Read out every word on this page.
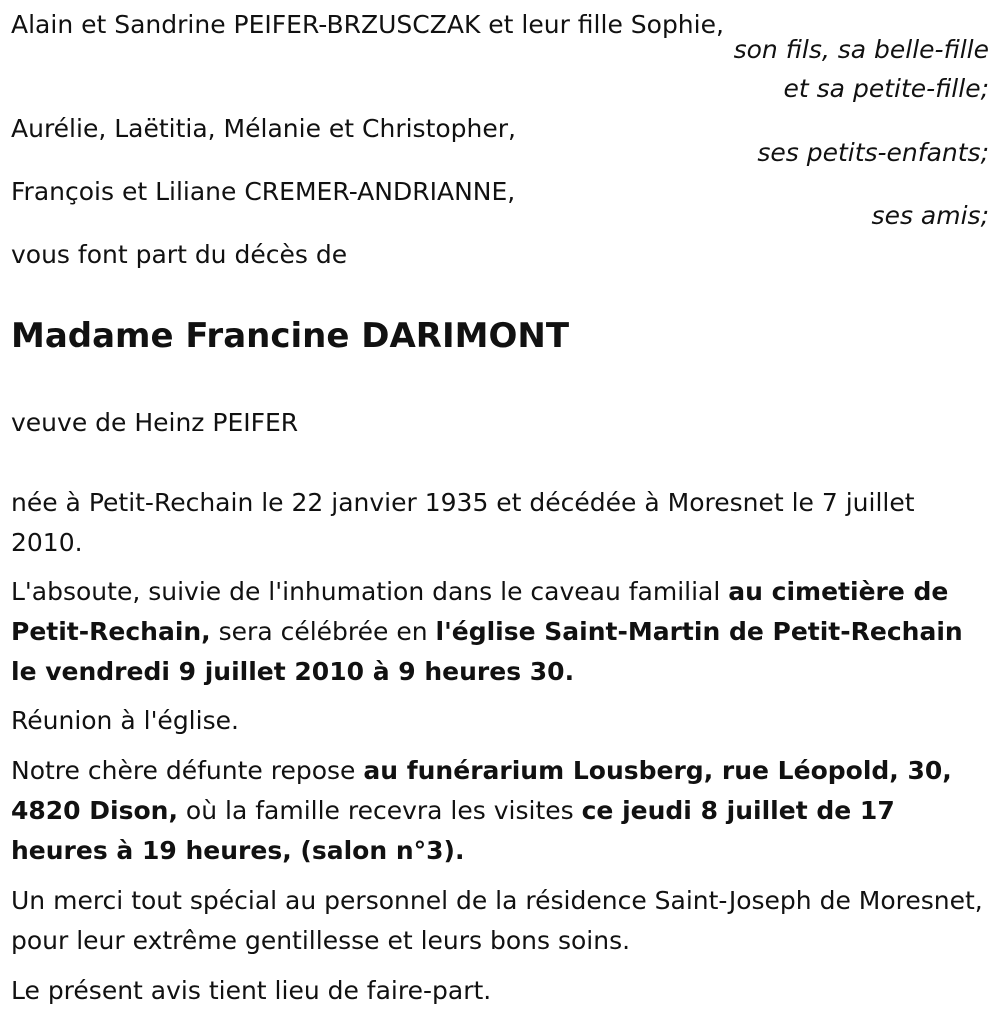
Alain et Sandrine PEIFER-BRZUSCZAK et leur fille Sophie,
son fils, sa belle-fille
et sa petite-fille;
Aurélie, Laëtitia, Mélanie et Christopher,
ses petits-enfants;
François et Liliane CREMER-ANDRIANNE,
ses amis;
vous font part du décès de
Madame Francine DARIMONT
veuve de Heinz PEIFER
née à Petit-Rechain le 22 janvier 1935 et décédée à Moresnet le 7 juillet 2010.
L'absoute, suivie de l'inhumation dans le caveau familial au cimetière de Petit-Rechain, sera célébrée en l'église Saint-Martin de Petit-Rechain le vendredi 9 juillet 2010 à 9 heures 30.
Réunion à l'église.
Notre chère défunte repose au funérarium Lousberg, rue Léopold, 30, 4820 Dison, où la famille recevra les visites ce jeudi 8 juillet de 17 heures à 19 heures, (salon n°3).
Un merci tout spécial au personnel de la résidence Saint-Joseph de Moresnet, pour leur extrême gentillesse et leurs bons soins.
Le présent avis tient lieu de faire-part.
